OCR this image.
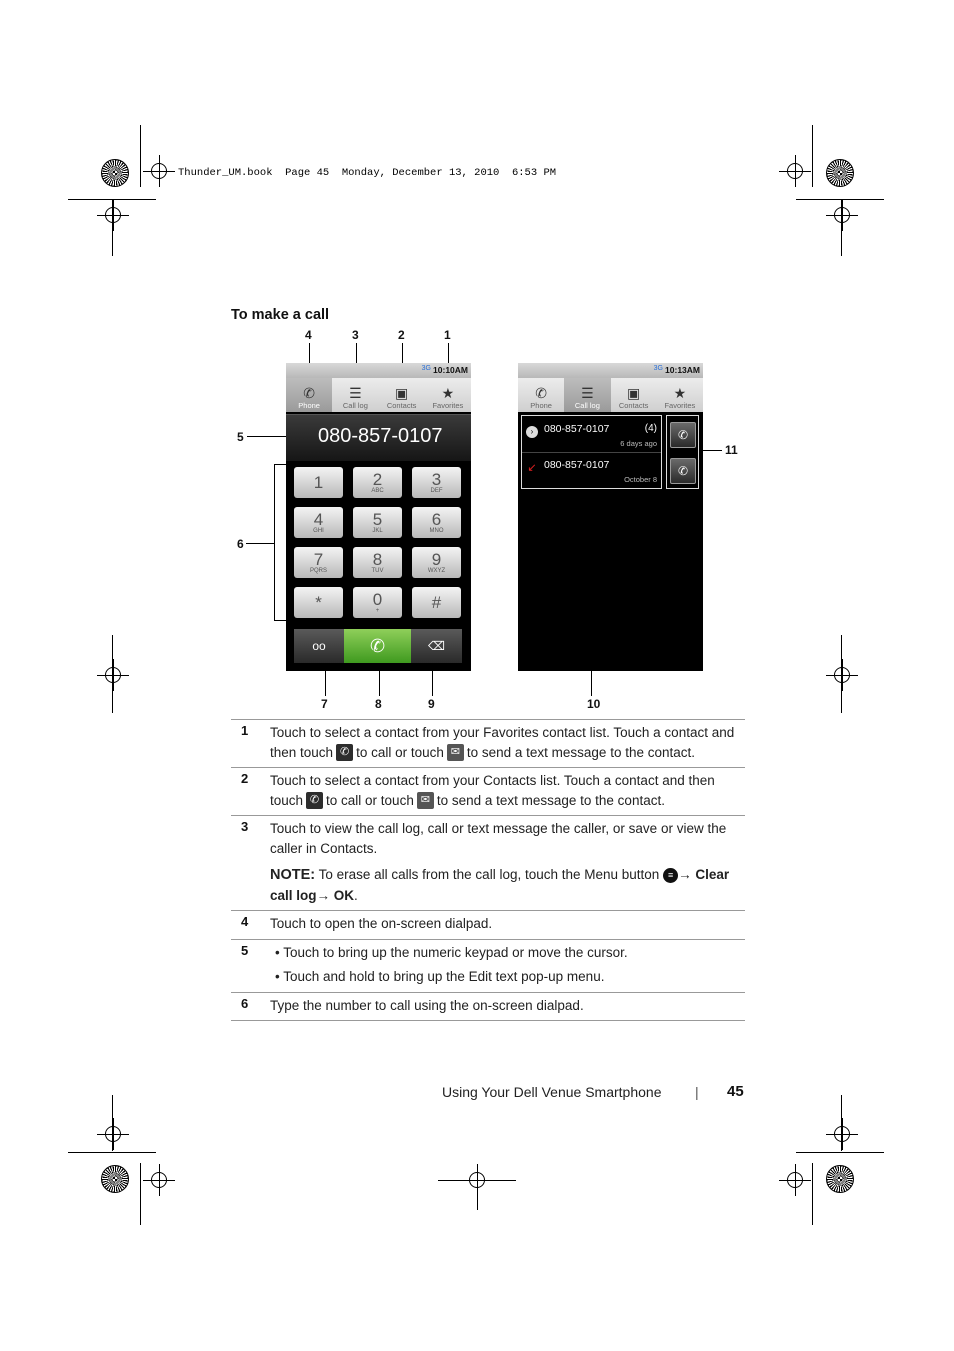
Thunder_UM.book  Page 45  Monday, December 13, 2010  6:53 PM
To make a call
4	3	2	1
5
6
7	8	9	10
11
3G 10:10AM
✆
Phone
☰
Call log
▣
Contacts
★
Favorites
080-857-0107
1	2
ABC
3
DEF
4
GHI
5
JKL
6
MNO
7
PQRS
8
TUV
9
WXYZ
*	0
+	#
oo ✆	⌫
3G 10:13AM
✆
Phone
☰
Call log
▣
Contacts
★
Favorites
›	080-857-0107	(4)
6 days ago
↙ 080-857-0107
October 8
✆
✆
1 Touch to select a contact from your Favorites contact list. Touch a contact and then touch ✆ to call or touch ✉ to send a text message to the contact.
2 Touch to select a contact from your Contacts list. Touch a contact and then touch ✆ to call or touch ✉ to send a text message to the contact.
3 Touch to view the call log, call or text message the caller, or save or view the caller in Contacts.
NOTE: To erase all calls from the call log, touch the Menu button ≡ → Clear call log→ OK.
4 Touch to open the on-screen dialpad.
5 • Touch to bring up the numeric keypad or move the cursor.
• Touch and hold to bring up the Edit text pop-up menu.
6 Type the number to call using the on-screen dialpad.
Using Your Dell Venue Smartphone | 45
